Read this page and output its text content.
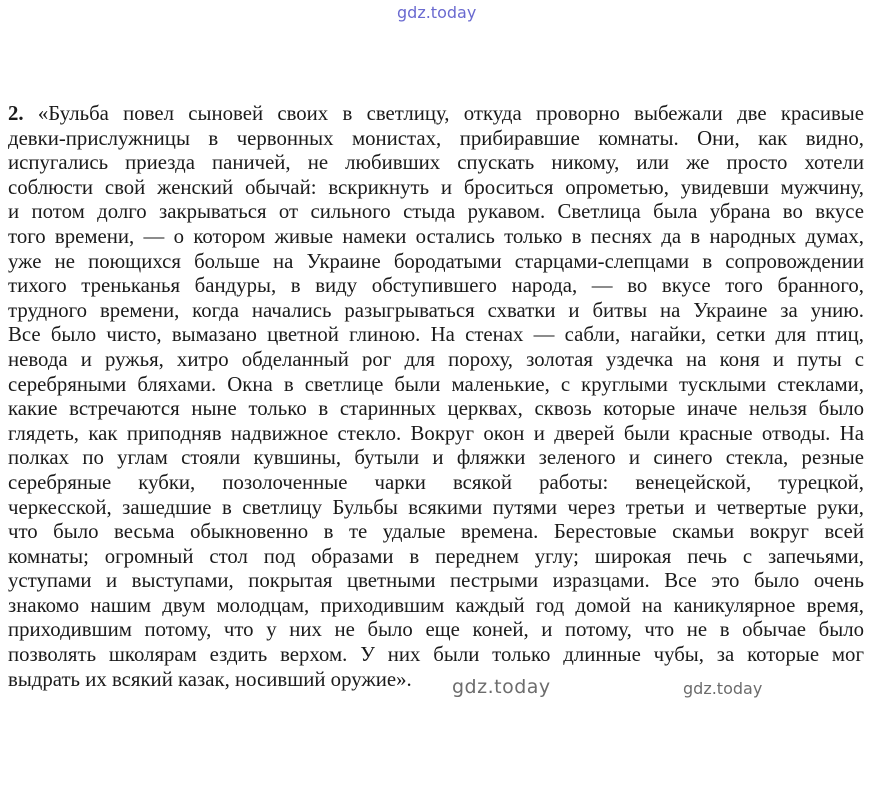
gdz.today
2. «Бульба повел сыновей своих в светлицу, откуда проворно выбежали две красивые
девки-прислужницы в червонных монистах, прибиравшие комнаты. Они, как видно,
испугались приезда паничей, не любивших спускать никому, или же просто хотели
соблюсти свой женский обычай: вскрикнуть и броситься опрометью, увидевши мужчину,
и потом долго закрываться от сильного стыда рукавом. Светлица была убрана во вкусе
того времени, — о котором живые намеки остались только в песнях да в народных думах,
уже не поющихся больше на Украине бородатыми старцами-слепцами в сопровождении
тихого треньканья бандуры, в виду обступившего народа, — во вкусе того бранного,
трудного времени, когда начались разыгрываться схватки и битвы на Украине за унию.
Все было чисто, вымазано цветной глиною. На стенах — сабли, нагайки, сетки для птиц,
невода и ружья, хитро обделанный рог для пороху, золотая уздечка на коня и путы с
серебряными бляхами. Окна в светлице были маленькие, с круглыми тусклыми стеклами,
какие встречаются ныне только в старинных церквах, сквозь которые иначе нельзя было
глядеть, как приподняв надвижное стекло. Вокруг окон и дверей были красные отводы. На
полках по углам стояли кувшины, бутыли и фляжки зеленого и синего стекла, резные
серебряные кубки, позолоченные чарки всякой работы: венецейской, турецкой,
черкесской, зашедшие в светлицу Бульбы всякими путями через третьи и четвертые руки,
что было весьма обыкновенно в те удалые времена. Берестовые скамьи вокруг всей
комнаты; огромный стол под образами в переднем углу; широкая печь с запечьями,
уступами и выступами, покрытая цветными пестрыми изразцами. Все это было очень
знакомо нашим двум молодцам, приходившим каждый год домой на каникулярное время,
приходившим потому, что у них не было еще коней, и потому, что не в обычае было
позволять школярам ездить верхом. У них были только длинные чубы, за которые мог
выдрать их всякий казак, носивший оружие».	gdz.today	gdz.today
